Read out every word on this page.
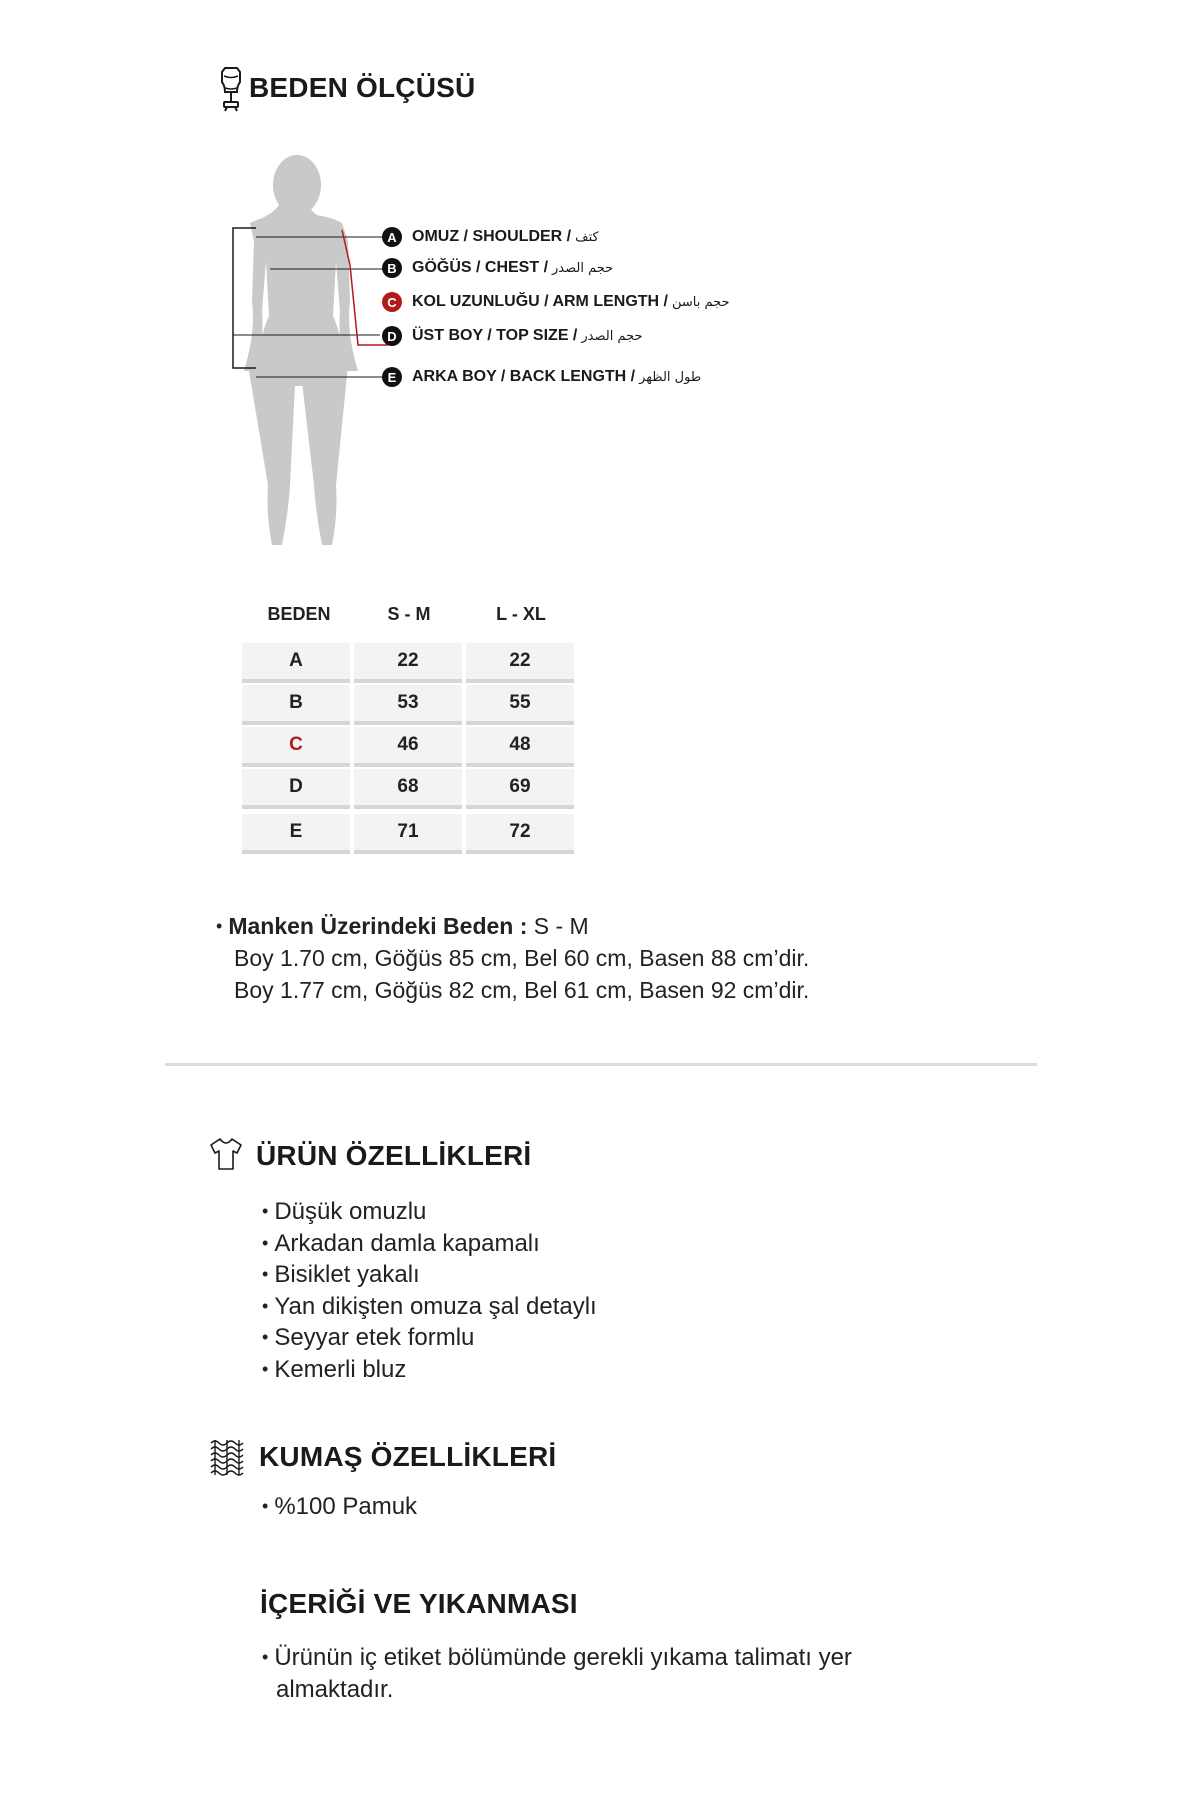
BEDEN ÖLÇÜSÜ
A OMUZ / SHOULDER / كتف
B GÖĞÜS / CHEST / حجم الصدر
C KOL UZUNLUĞU / ARM LENGTH / حجم باسن
D ÜST BOY / TOP SIZE / حجم الصدر
E ARKA BOY / BACK LENGTH / طول الظهر
BEDEN	S - M	L - XL
A	22	22
B	53	55
C	46	48
D	68	69
E	71	72
• Manken Üzerindeki Beden : S - M
Boy 1.70 cm, Göğüs 85 cm, Bel 60 cm, Basen 88 cm’dir.
Boy 1.77 cm, Göğüs 82 cm, Bel 61 cm, Basen 92 cm’dir.
ÜRÜN ÖZELLİKLERİ
• Düşük omuzlu
• Arkadan damla kapamalı
• Bisiklet yakalı
• Yan dikişten omuza şal detaylı
• Seyyar etek formlu
• Kemerli bluz
KUMAŞ ÖZELLİKLERİ
• %100 Pamuk
İÇERİĞİ VE YIKANMASI
• Ürünün iç etiket bölümünde gerekli yıkama talimatı yer
almaktadır.
